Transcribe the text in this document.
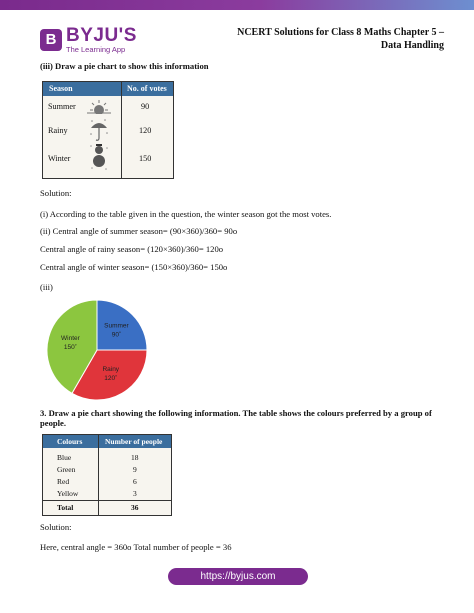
B BYJU'S
The Learning App
NCERT Solutions for Class 8 Maths Chapter 5 –
Data Handling
(iii) Draw a pie chart to show this information
Season	No. of votes
Summer	90
Rainy	120
Winter	150
Solution:
(i) According to the table given in the question, the winter season got the most votes.
(ii) Central angle of summer season= (90×360)/360= 90o
Central angle of rainy season= (120×360)/360= 120o
Central angle of winter season= (150×360)/360= 150o
(iii)
Summer
90˚
Rainy
120˚
Winter
150˚
3. Draw a pie chart showing the following information. The table shows the colours preferred by a group of
people.
Colours	Number of people
Blue	18
Green	9
Red	6
Yellow	3
Total	36
Solution:
Here, central angle = 360o Total number of people = 36
https://byjus.com
